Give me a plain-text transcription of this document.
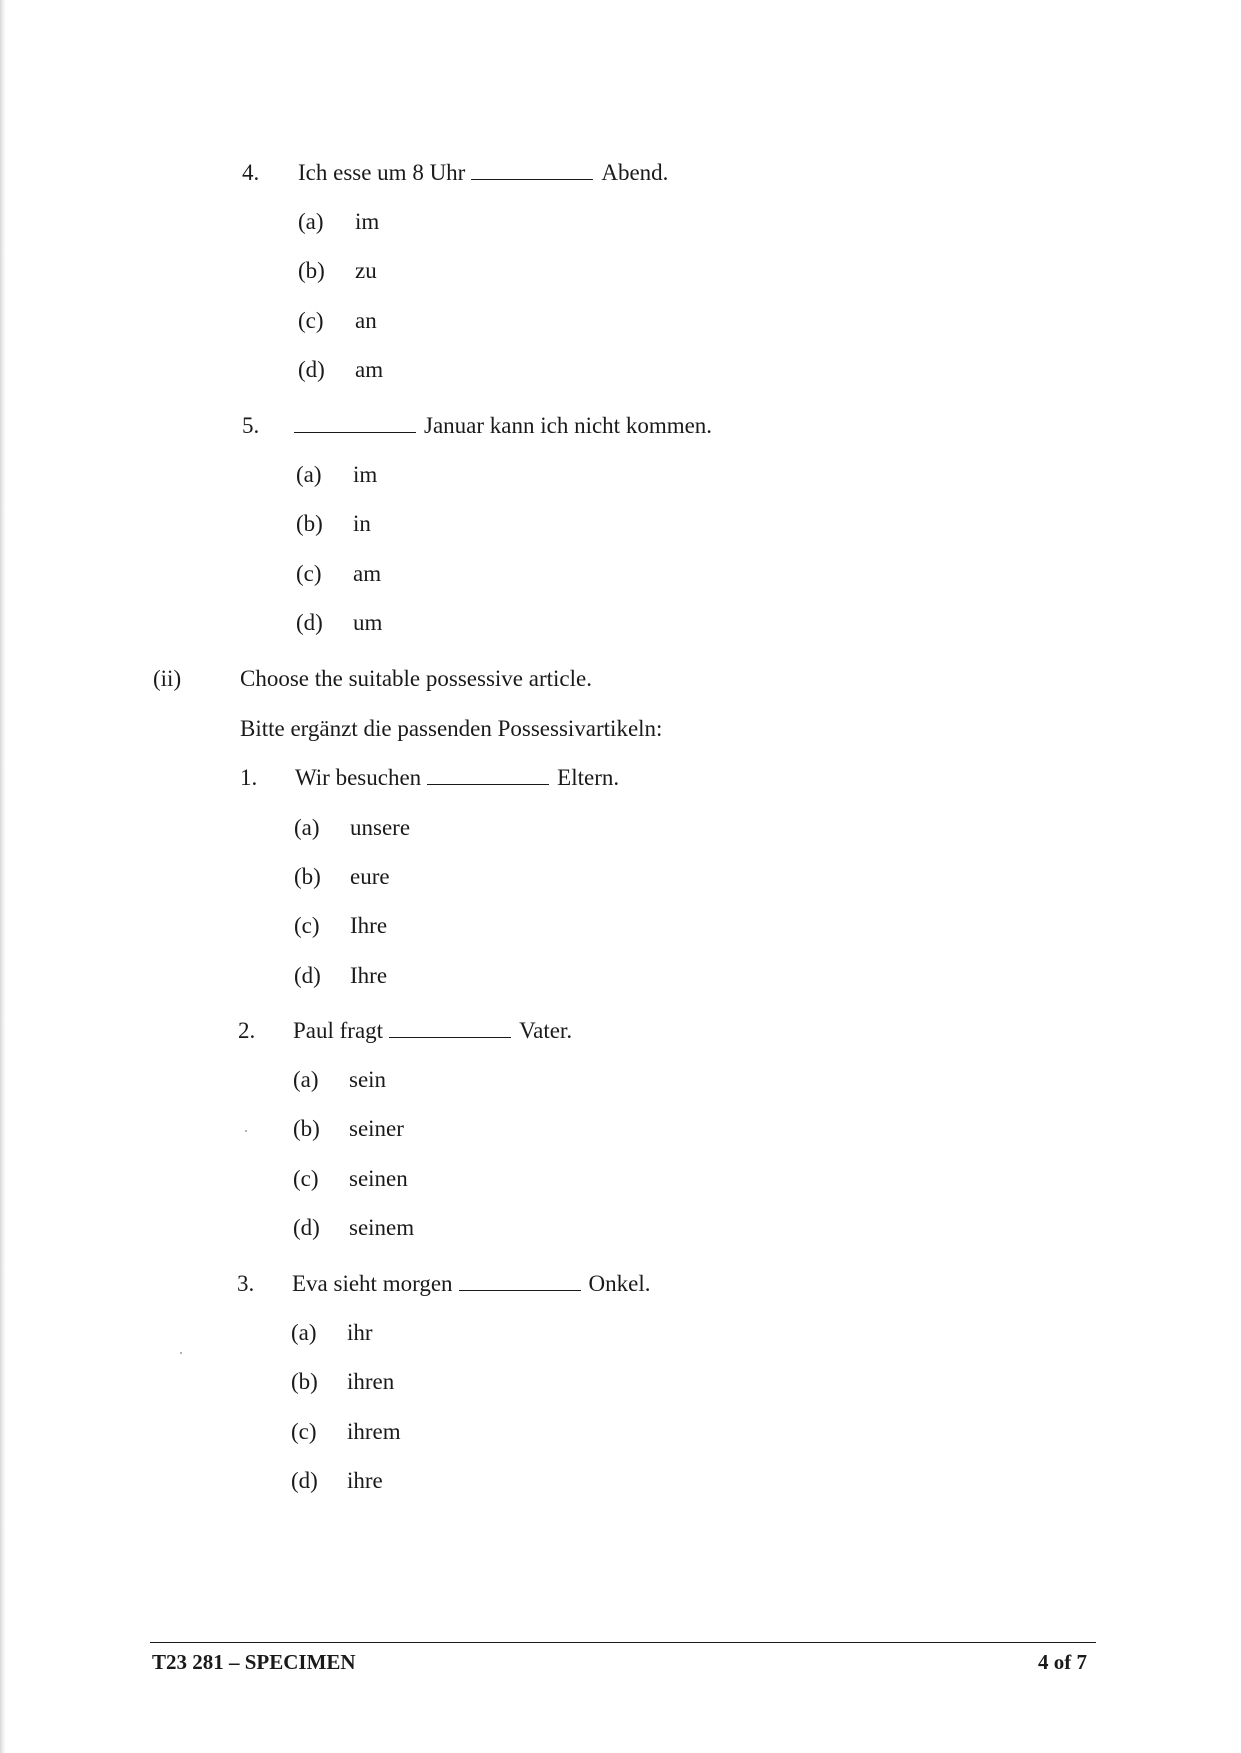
4. Ich esse um 8 Uhr	Abend.
(a) im
(b) zu
(c) an
(d) am
5.	Januar kann ich nicht kommen.
(a) im
(b) in
(c) am
(d) um
(ii)	Choose the suitable possessive article.
Bitte ergänzt die passenden Possessivartikeln:
1. Wir besuchen	Eltern.
(a) unsere
(b) eure
(c) Ihre
(d) Ihre
2. Paul fragt	Vater.
(a) sein
(b) seiner
(c) seinen
(d) seinem
3. Eva sieht morgen	Onkel.
(a) ihr
(b) ihren
(c) ihrem
(d) ihre
T23 281 – SPECIMEN	4 of 7
